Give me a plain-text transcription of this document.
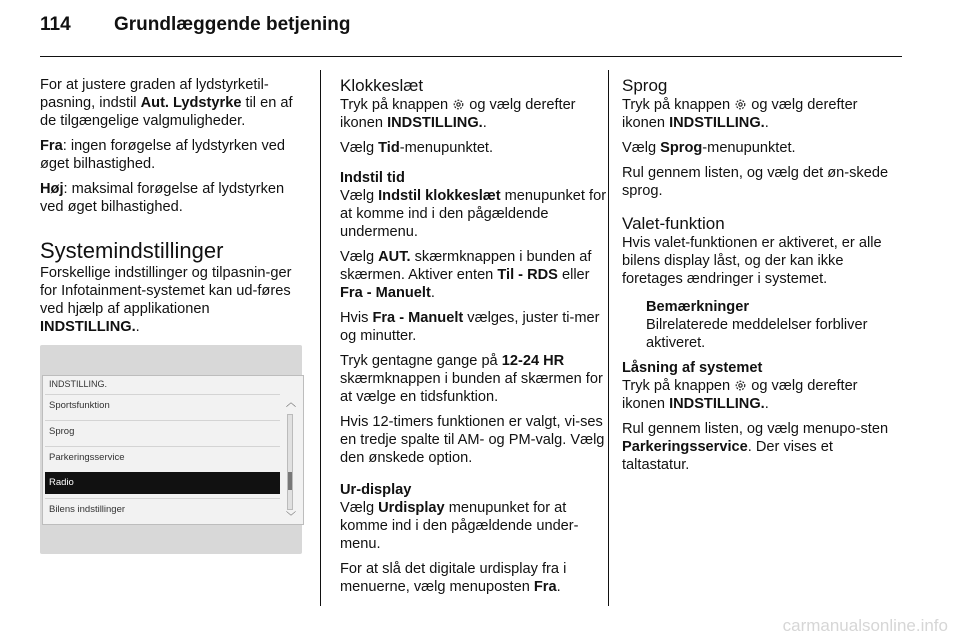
114 Grundlæggende betjening

For at justere graden af lydstyrketil-pasning, indstil Aut. Lydstyrke til en af de tilgængelige valgmuligheder.

Fra: ingen forøgelse af lydstyrken ved øget bilhastighed.

Høj: maksimal forøgelse af lydstyrken ved øget bilhastighed.

Systemindstillinger

Forskellige indstillinger og tilpasnin-ger for Infotainment-systemet kan ud-føres ved hjælp af applikationen INDSTILLING..

INDSTILLING.
Sportsfunktion
Sprog
Parkeringsservice
Radio
Bilens indstillinger
︿
﹀
Klokkeslæt

Tryk på knappen  og vælg derefter ikonen INDSTILLING..

Vælg Tid-menupunktet.

Indstil tid

Vælg Indstil klokkeslæt menupunket for at komme ind i den pågældende undermenu.

Vælg AUT. skærmknappen i bunden af skærmen. Aktiver enten Til - RDS eller Fra - Manuelt.

Hvis Fra - Manuelt vælges, juster ti-mer og minutter.

Tryk gentagne gange på 12-24 HR skærmknappen i bunden af skærmen for at vælge en tidsfunktion.

Hvis 12-timers funktionen er valgt, vi-ses en tredje spalte til AM- og PM-valg. Vælg den ønskede option.

Ur-display

Vælg Urdisplay menupunket for at komme ind i den pågældende under-menu.

For at slå det digitale urdisplay fra i menuerne, vælg menuposten Fra.

Sprog

Tryk på knappen  og vælg derefter ikonen INDSTILLING..

Vælg Sprog-menupunktet.

Rul gennem listen, og vælg det øn-skede sprog.

Valet-funktion

Hvis valet-funktionen er aktiveret, er alle bilens display låst, og der kan ikke foretages ændringer i systemet.

Bemærkninger
Bilrelaterede meddelelser forbliver aktiveret.
Låsning af systemet

Tryk på knappen  og vælg derefter ikonen INDSTILLING..

Rul gennem listen, og vælg menupo-sten Parkeringsservice. Der vises et taltastatur.

carmanualsonline.info
